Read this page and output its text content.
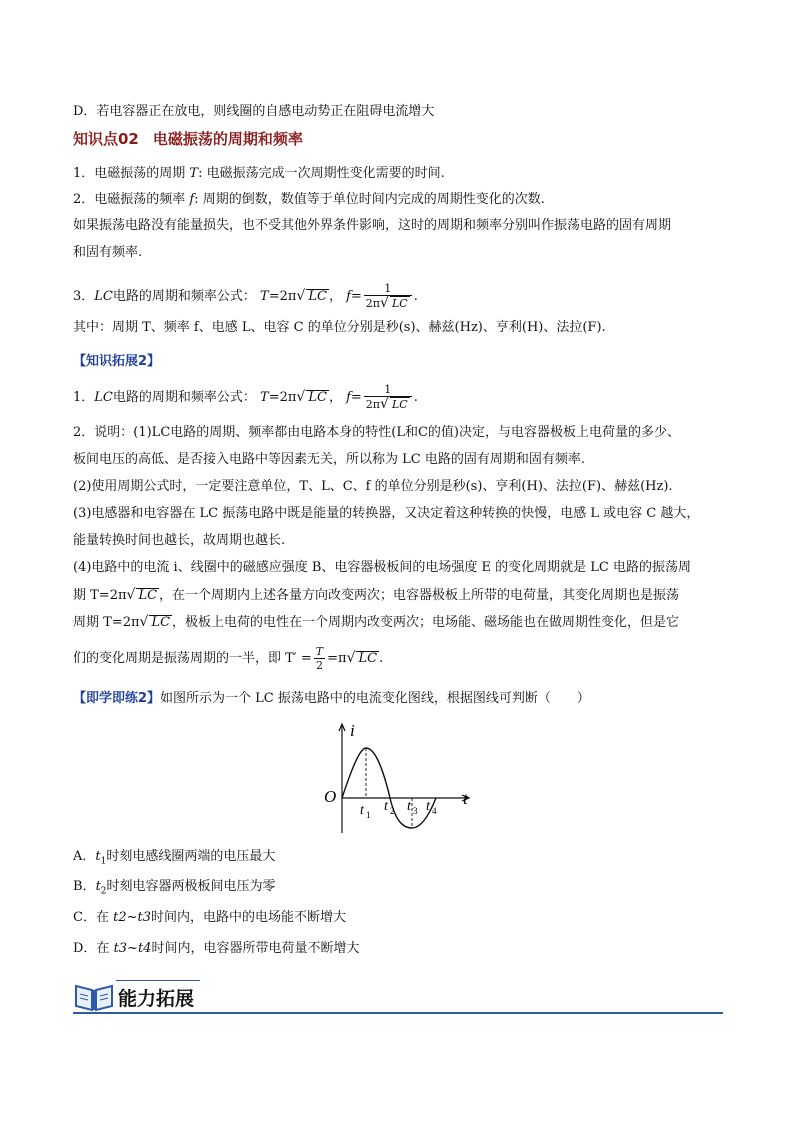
D．若电容器正在放电，则线圈的自感电动势正在阻碍电流增大
知识点02 电磁振荡的周期和频率
1．电磁振荡的周期 T: 电磁振荡完成一次周期性变化需要的时间.
2．电磁振荡的频率 f: 周期的倒数，数值等于单位时间内完成的周期性变化的次数.
如果振荡电路没有能量损失，也不受其他外界条件影响，这时的周期和频率分别叫作振荡电路的固有周期
和固有频率.
3．LC电路的周期和频率公式： T=2π√ LC ， $f= \frac{1}{2\pi√ LC}$ .
其中：周期 T、频率 f、电感 L、电容 C 的单位分别是秒(s)、赫兹(Hz)、亨利(H)、法拉(F).
【知识拓展2】
1．LC电路的周期和频率公式： T=2π√ LC ， $f= \frac{1}{2\pi√ LC}$ .
2．说明：(1)LC电路的周期、频率都由电路本身的特性(L和C的值)决定，与电容器极板上电荷量的多少、
板间电压的高低、是否接入电路中等因素无关，所以称为 LC 电路的固有周期和固有频率.
(2)使用周期公式时，一定要注意单位，T、L、C、f 的单位分别是秒(s)、亨利(H)、法拉(F)、赫兹(Hz).
(3)电感器和电容器在 LC 振荡电路中既是能量的转换器，又决定着这种转换的快慢，电感 L 或电容 C 越大，
能量转换时间也越长，故周期也越长.
(4)电路中的电流 i、线圈中的磁感应强度 B、电容器极板间的电场强度 E 的变化周期就是 LC 电路的振荡周
期 T=2π√ LC ，在一个周期内上述各量方向改变两次；电容器极板上所带的电荷量，其变化周期也是振荡
周期 T=2π√ LC ，极板上电荷的电性在一个周期内改变两次；电场能、磁场能也在做周期性变化，但是它
们的变化周期是振荡周期的一半，即 $T' = \frac{T}{2} =\pi√$ LC .
【即学即练2】如图所示为一个 LC 振荡电路中的电流变化图线，根据图线可判断（　　）
i
t
O
t 1
t 2 t 3 t 4
A．$t_1$时刻电感线圈两端的电压最大
B．$t_2$时刻电容器两极板间电压为零
C．在 t2~t3时间内，电路中的电场能不断增大
D．在 t3~t4时间内，电容器所带电荷量不断增大
能力拓展
